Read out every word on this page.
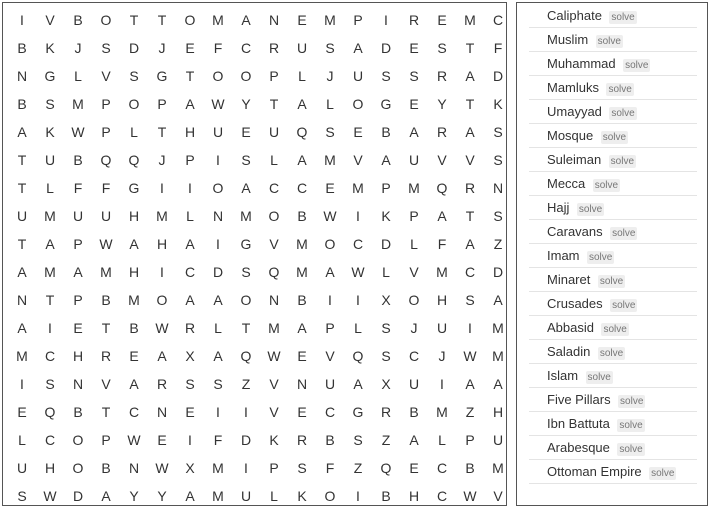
I	V	B	O	T	T	O	M	A	N	E	M	P	I	R	E	M	C
B	K	J	S	D	J	E	F	C	R	U	S	A	D	E	S	T	F
N	G	L	V	S	G	T	O	O	P	L	J	U	S	S	R	A	D
B	S	M	P	O	P	A	W	Y	T	A	L	O	G	E	Y	T	K
A	K	W	P	L	T	H	U	E	U	Q	S	E	B	A	R	A	S
T	U	B	Q	Q	J	P	I	S	L	A	M	V	A	U	V	V	S
T	L	F	F	G	I	I	O	A	C	C	E	M	P	M	Q	R	N
U	M	U	U	H	M	L	N	M	O	B	W	I	K	P	A	T	S
T	A	P	W	A	H	A	I	G	V	M	O	C	D	L	F	A	Z
A	M	A	M	H	I	C	D	S	Q	M	A	W	L	V	M	C	D
N	T	P	B	M	O	A	A	O	N	B	I	I	X	O	H	S	A
A	I	E	T	B	W	R	L	T	M	A	P	L	S	J	U	I	M
M	C	H	R	E	A	X	A	Q	W	E	V	Q	S	C	J	W	M
I	S	N	V	A	R	S	S	Z	V	N	U	A	X	U	I	A	A
E	Q	B	T	C	N	E	I	I	V	E	C	G	R	B	M	Z	H
L	C	O	P	W	E	I	F	D	K	R	B	S	Z	A	L	P	U
U	H	O	B	N	W	X	M	I	P	S	F	Z	Q	E	C	B	M
S	W	D	A	Y	Y	A	M	U	L	K	O	I	B	H	C	W	V
Caliphate solve
Muslim solve
Muhammad solve
Mamluks solve
Umayyad solve
Mosque solve
Suleiman solve
Mecca solve
Hajj solve
Caravans solve
Imam solve
Minaret solve
Crusades solve
Abbasid solve
Saladin solve
Islam solve
Five Pillars solve
Ibn Battuta solve
Arabesque solve
Ottoman Empire solve
